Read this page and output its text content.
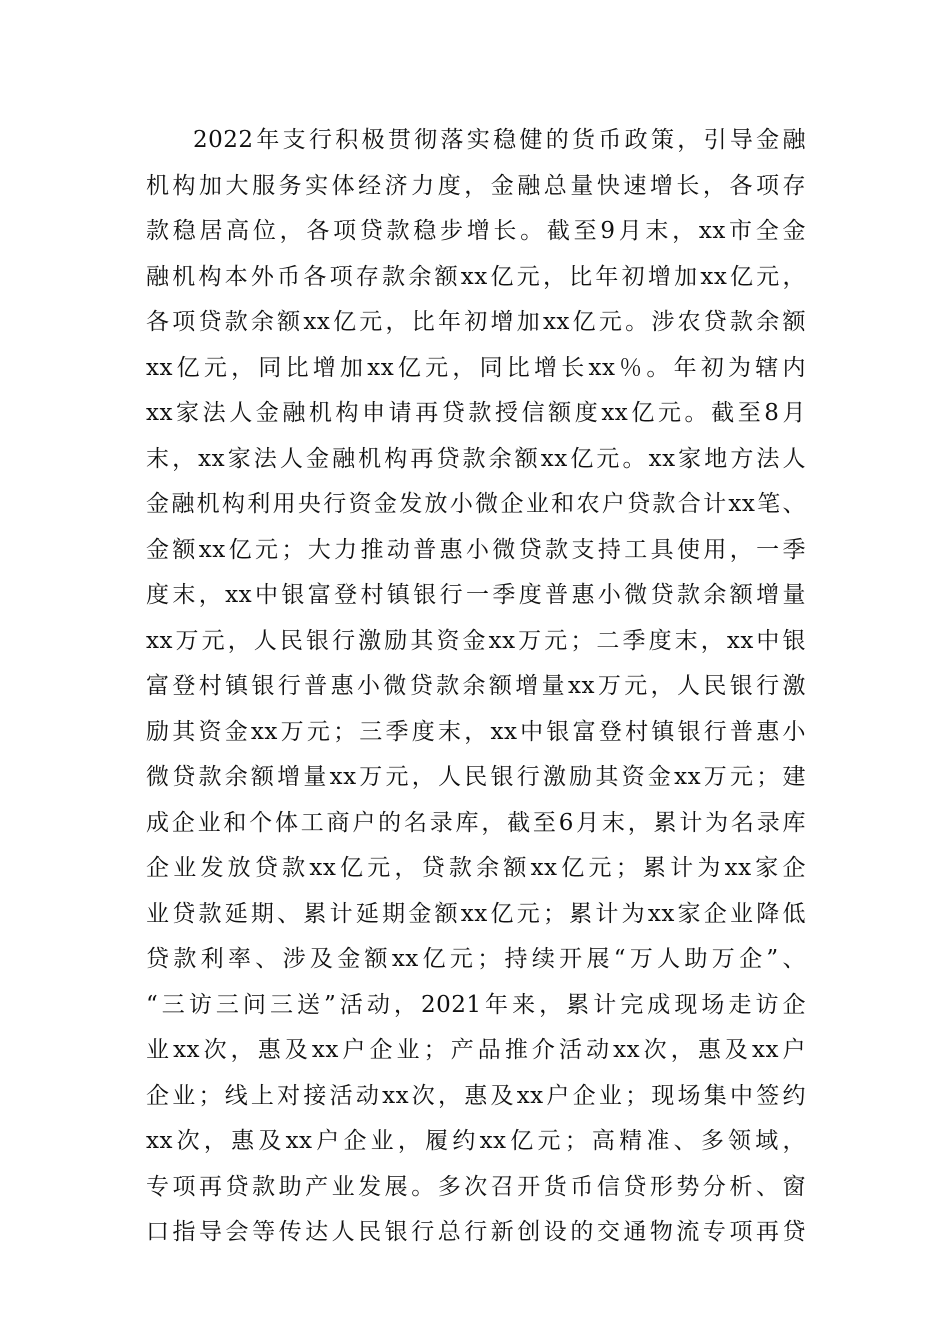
2022年支行积极贯彻落实稳健的货币政策，引导金融
机构加大服务实体经济力度，金融总量快速增长，各项存
款稳居高位，各项贷款稳步增长。截至9月末，xx市全金
融机构本外币各项存款余额xx亿元，比年初增加xx亿元，
各项贷款余额xx亿元，比年初增加xx亿元。涉农贷款余额
xx亿元，同比增加xx亿元，同比增长xx％。年初为辖内
xx家法人金融机构申请再贷款授信额度xx亿元。截至8月
末，xx家法人金融机构再贷款余额xx亿元。xx家地方法人
金融机构利用央行资金发放小微企业和农户贷款合计xx笔、
金额xx亿元；大力推动普惠小微贷款支持工具使用，一季
度末，xx中银富登村镇银行一季度普惠小微贷款余额增量
xx万元，人民银行激励其资金xx万元；二季度末，xx中银
富登村镇银行普惠小微贷款余额增量xx万元，人民银行激
励其资金xx万元；三季度末，xx中银富登村镇银行普惠小
微贷款余额增量xx万元，人民银行激励其资金xx万元；建
成企业和个体工商户的名录库，截至6月末，累计为名录库
企业发放贷款xx亿元，贷款余额xx亿元；累计为xx家企
业贷款延期、累计延期金额xx亿元；累计为xx家企业降低
贷款利率、涉及金额xx亿元；持续开展“万人助万企”、
“三访三问三送”活动，2021年来，累计完成现场走访企
业xx次，惠及xx户企业；产品推介活动xx次，惠及xx户
企业；线上对接活动xx次，惠及xx户企业；现场集中签约
xx次，惠及xx户企业，履约xx亿元；高精准、多领域，
专项再贷款助产业发展。多次召开货币信贷形势分析、窗
口指导会等传达人民银行总行新创设的交通物流专项再贷
